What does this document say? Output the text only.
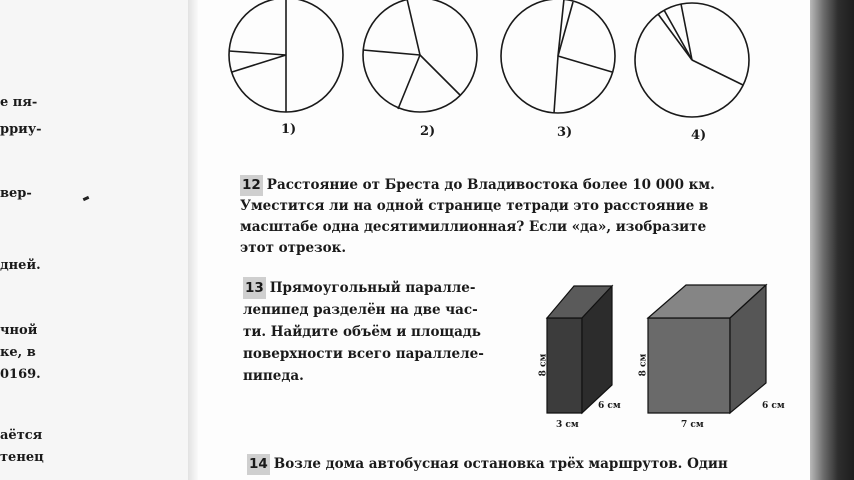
е пя-
рриу-
вер-
дней.
чной
ке, в
0169.
аётся
тенец
1)	2)	3)	4)
12 Расстояние от Бреста до Владивостока более 10 000 км.
Уместится ли на одной странице тетради это расстояние в
масштабе одна десятимиллионная? Если «да», изобразите
этот отрезок.
13 Прямоугольный паралле-
лепипед разделён на две час-
ти. Найдите объём и площадь
поверхности всего параллеле-
пипеда.	8 см
6 см
3 см
8 см
6 см
7 см
14 Возле дома автобусная остановка трёх маршрутов. Один
